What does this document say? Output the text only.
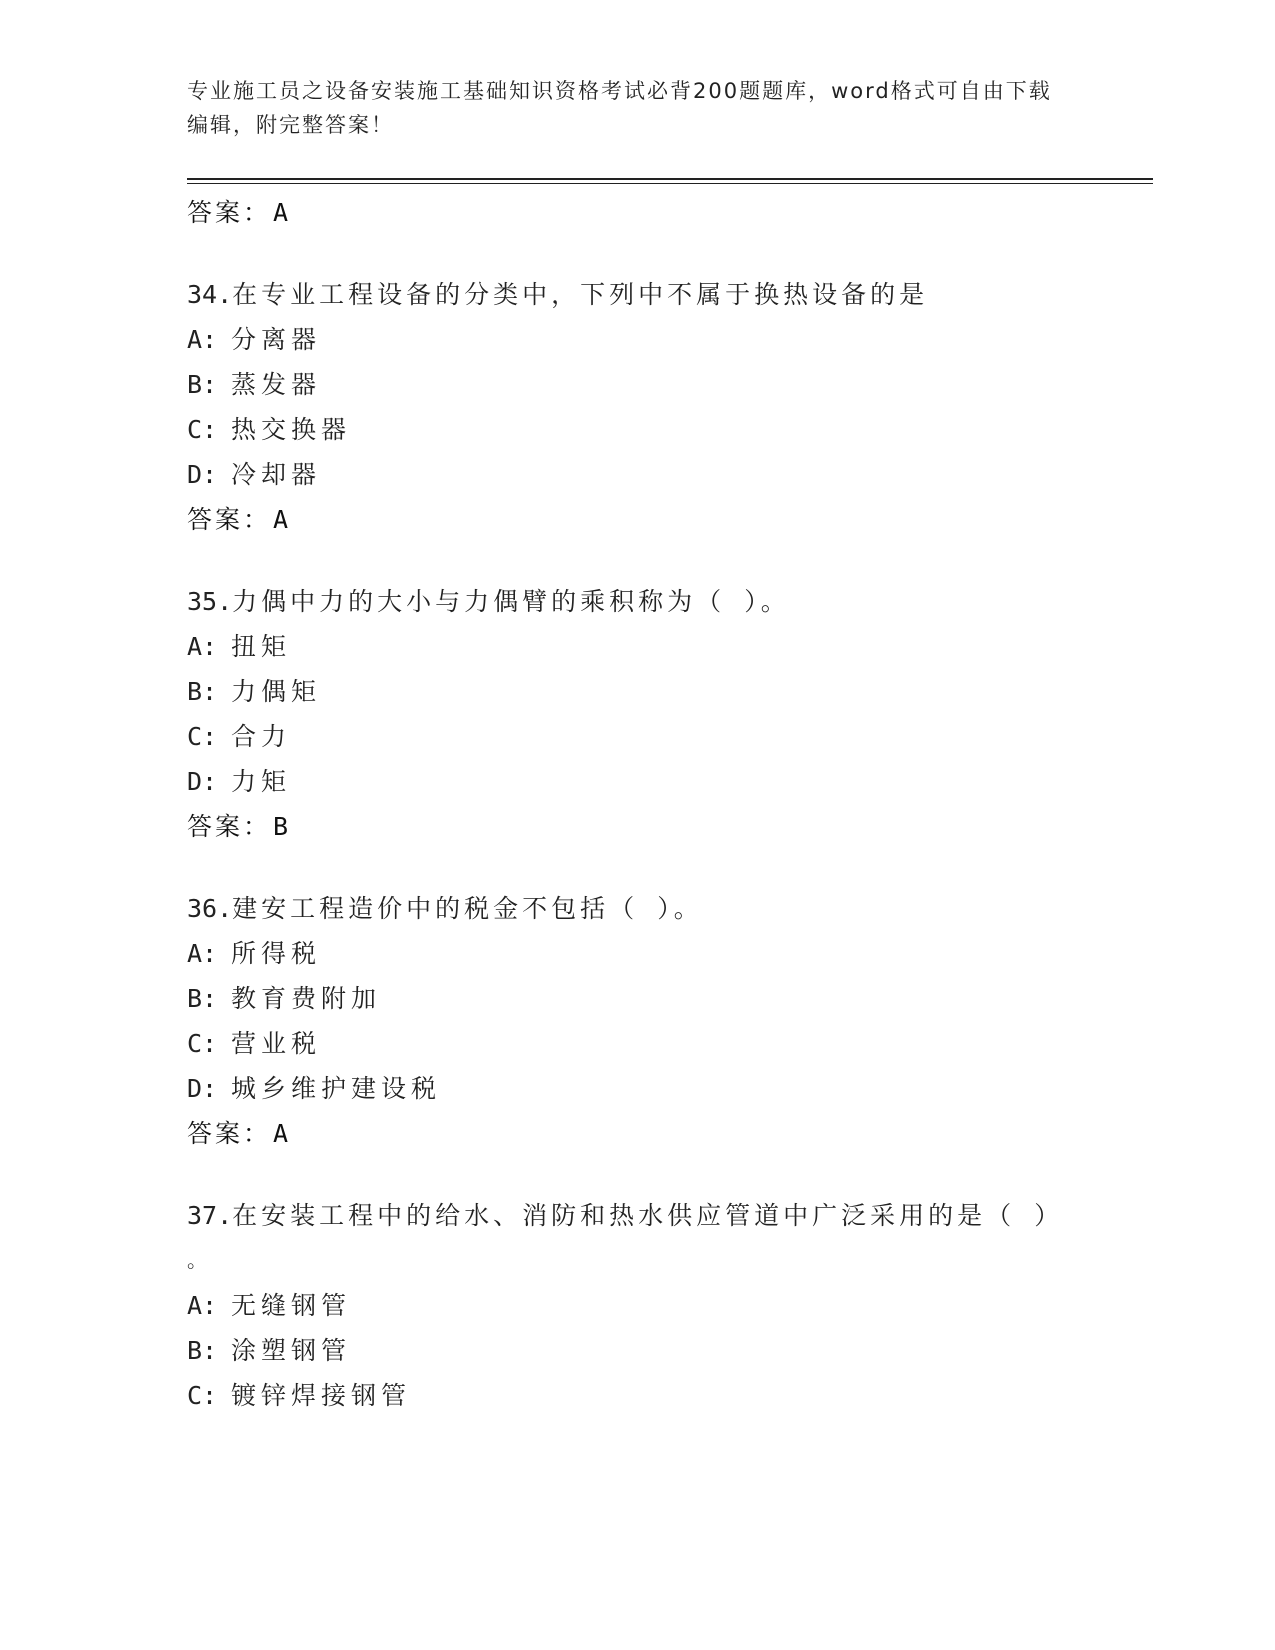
专业施工员之设备安装施工基础知识资格考试必背200题题库，word格式可自由下载编辑，附完整答案！
答案：A
34.在专业工程设备的分类中，下列中不属于换热设备的是
A: 分离器
B: 蒸发器
C: 热交换器
D: 冷却器
答案：A
35.力偶中力的大小与力偶臂的乘积称为（ ）。
A: 扭矩
B: 力偶矩
C: 合力
D: 力矩
答案：B
36.建安工程造价中的税金不包括（ ）。
A: 所得税
B: 教育费附加
C: 营业税
D: 城乡维护建设税
答案：A
37.在安装工程中的给水、消防和热水供应管道中广泛采用的是（ ）
。
A: 无缝钢管
B: 涂塑钢管
C: 镀锌焊接钢管
